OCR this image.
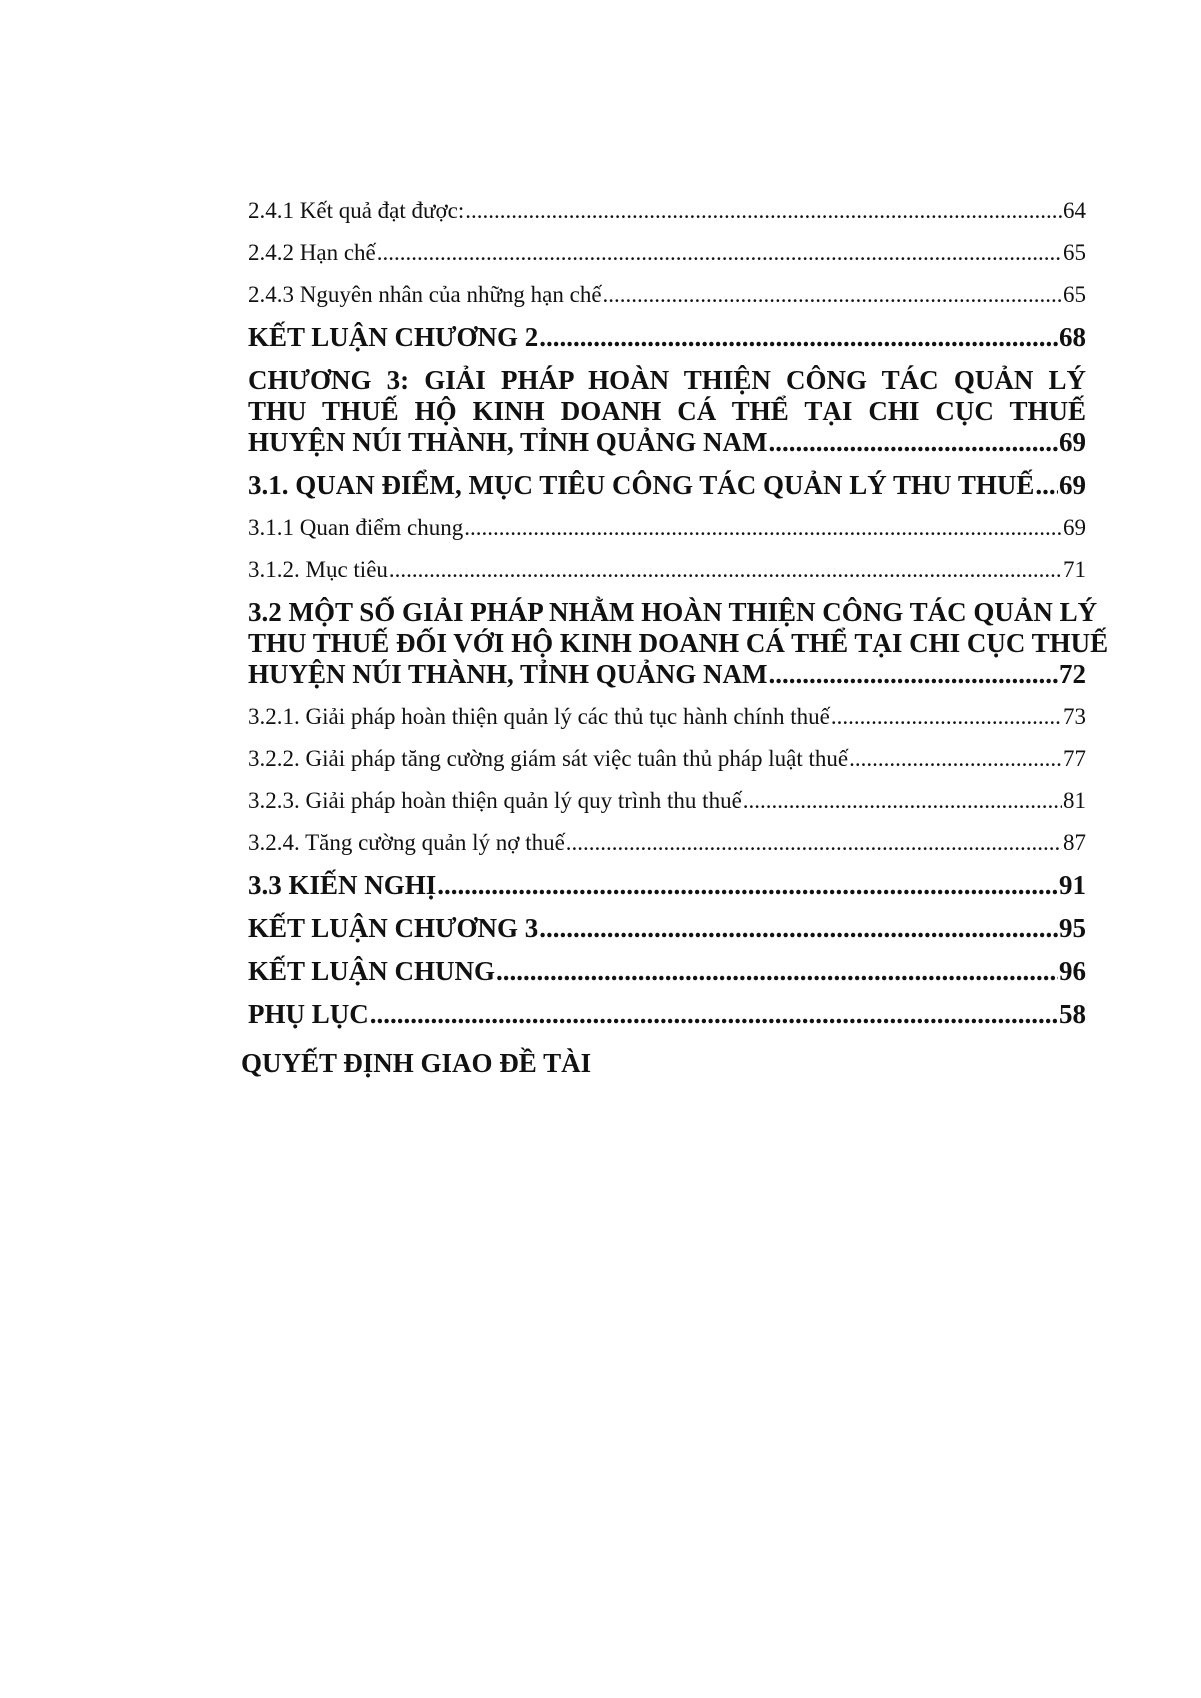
2.4.1 Kết quả đạt được: .....	64
2.4.2 Hạn chế .....	65
2.4.3 Nguyên nhân của những hạn chế .....	65
KẾT LUẬN CHƯƠNG 2 .....	68
CHƯƠNG 3: GIẢI PHÁP HOÀN THIỆN CÔNG TÁC QUẢN LÝ
THU THUẾ HỘ KINH DOANH CÁ THỂ TẠI CHI CỤC THUẾ
HUYỆN NÚI THÀNH, TỈNH QUẢNG NAM .....	69
3.1. QUAN ĐIỂM, MỤC TIÊU CÔNG TÁC QUẢN LÝ THU THUẾ ..... 69
3.1.1 Quan điểm chung .....	69
3.1.2. Mục tiêu .....	71
3.2 MỘT SỐ GIẢI PHÁP NHẰM HOÀN THIỆN CÔNG TÁC QUẢN LÝ
THU THUẾ ĐỐI VỚI HỘ KINH DOANH CÁ THỂ TẠI CHI CỤC THUẾ
HUYỆN NÚI THÀNH, TỈNH QUẢNG NAM .....	72
3.2.1. Giải pháp hoàn thiện quản lý các thủ tục hành chính thuế .....	73
3.2.2. Giải pháp tăng cường giám sát việc tuân thủ pháp luật thuế .....	77
3.2.3. Giải pháp hoàn thiện quản lý quy trình thu thuế .....	81
3.2.4. Tăng cường quản lý nợ thuế .....	87
3.3 KIẾN NGHỊ .....	91
KẾT LUẬN CHƯƠNG 3 .....	95
KẾT LUẬN CHUNG .....	96
PHỤ LỤC .....	58
QUYẾT ĐỊNH GIAO ĐỀ TÀI
